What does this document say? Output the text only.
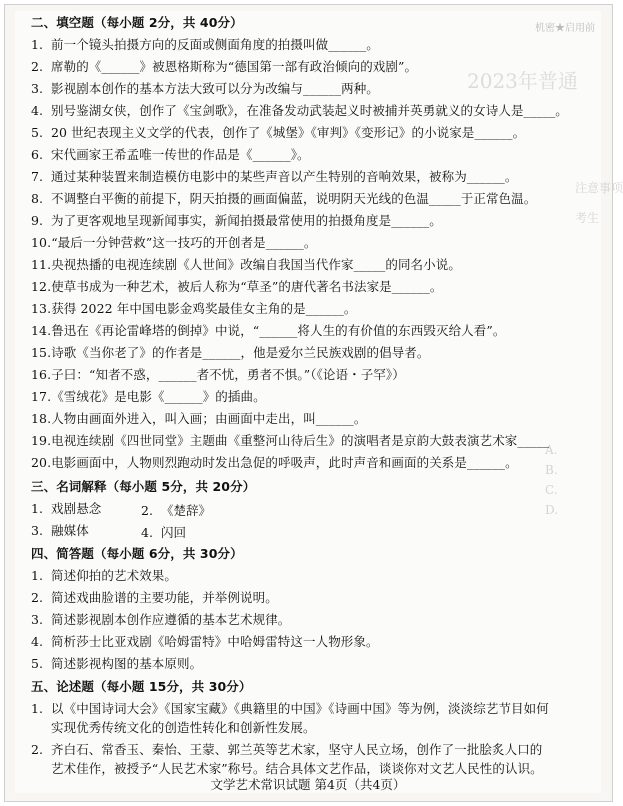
机密★启用前
2023年普通
注意事项
考生
A.
B.
C.
D.
二、填空题（每小题 2分，共 40分）
1. 前一个镜头拍摄方向的反面或侧面角度的拍摄叫做______。
2. 席勒的《______》被恩格斯称为“德国第一部有政治倾向的戏剧”。
3. 影视剧本创作的基本方法大致可以分为改编与______两种。
4. 别号鉴湖女侠，创作了《宝剑歌》，在准备发动武装起义时被捕并英勇就义的女诗人是_____。
5. 20 世纪表现主义文学的代表，创作了《城堡》《审判》《变形记》的小说家是______。
6. 宋代画家王希孟唯一传世的作品是《______》。
7. 通过某种装置来制造模仿电影中的某些声音以产生特别的音响效果，被称为______。
8. 不调整白平衡的前提下，阴天拍摄的画面偏蓝，说明阴天光线的色温_____于正常色温。
9. 为了更客观地呈现新闻事实，新闻拍摄最常使用的拍摄角度是______。
10.“最后一分钟营救”这一技巧的开创者是______。
11.央视热播的电视连续剧《人世间》改编自我国当代作家_____的同名小说。
12.使草书成为一种艺术，被后人称为“草圣”的唐代著名书法家是______。
13.获得 2022 年中国电影金鸡奖最佳女主角的是______。
14.鲁迅在《再论雷峰塔的倒掉》中说，“______将人生的有价值的东西毁灭给人看”。
15.诗歌《当你老了》的作者是______，他是爱尔兰民族戏剧的倡导者。
16.子曰：“知者不惑，______者不忧，勇者不惧。”（《论语・子罕》）
17.《雪绒花》是电影《______》的插曲。
18.人物由画面外进入，叫入画；由画面中走出，叫______。
19.电视连续剧《四世同堂》主题曲《重整河山待后生》的演唱者是京韵大鼓表演艺术家_____
20.电影画面中，人物则烈跑动时发出急促的呼吸声，此时声音和画面的关系是______。
三、名词解释（每小题 5分，共 20分）
1. 戏剧悬念	2. 《楚辞》
3. 融媒体	4. 闪回
四、简答题（每小题 6分，共 30分）
1. 简述仰拍的艺术效果。
2. 简述戏曲脸谱的主要功能，并举例说明。
3. 简述影视剧本创作应遵循的基本艺术规律。
4. 简析莎士比亚戏剧《哈姆雷特》中哈姆雷特这一人物形象。
5. 简述影视构图的基本原则。
五、论述题（每小题 15分，共 30分）
1. 以《中国诗词大会》《国家宝藏》《典籍里的中国》《诗画中国》等为例，淡淡综艺节目如何
实现优秀传统文化的创造性转化和创新性发展。
2. 齐白石、常香玉、秦怡、王蒙、郭兰英等艺术家，坚守人民立场，创作了一批脍炙人口的
艺术佳作，被授予“人民艺术家”称号。结合具体文艺作品，谈谈你对文艺人民性的认识。
文学艺术常识试题 第4页（共4页）
